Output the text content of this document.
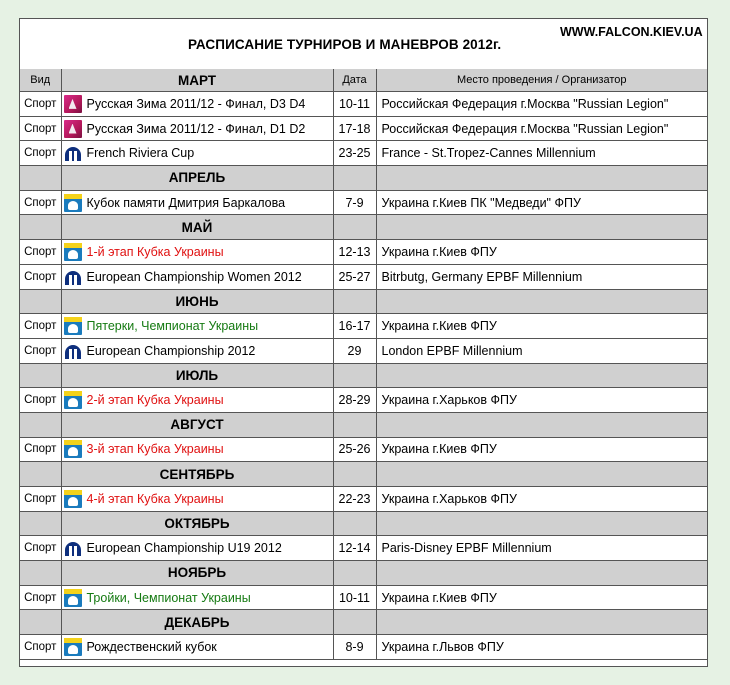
РАСПИСАНИЕ ТУРНИРОВ И МАНЕВРОВ 2012г.
WWW.FALCON.KIEV.UA
Вид	МАРТ	Дата	Место проведения / Организатор
Спорт	Русская Зима 2011/12 - Финал, D3 D4	10-11	Российская Федерация г.Москва "Russian Legion"
Спорт	Русская Зима 2011/12 - Финал, D1 D2	17-18	Российская Федерация г.Москва "Russian Legion"
Спорт	French Riviera Cup	23-25	France - St.Tropez-Cannes Millennium
	АПРЕЛЬ		
Спорт	Кубок памяти Дмитрия Баркалова	7-9	Украина г.Киев ПК "Медведи" ФПУ
	МАЙ		
Спорт	1-й этап Кубка Украины	12-13	Украина г.Киев ФПУ
Спорт	European Championship Women 2012	25-27	Bitrbutg, Germany EPBF Millennium
	ИЮНЬ		
Спорт	Пятерки, Чемпионат Украины	16-17	Украина г.Киев ФПУ
Спорт	European Championship 2012	29	London EPBF Millennium
	ИЮЛЬ		
Спорт	2-й этап Кубка Украины	28-29	Украина г.Харьков ФПУ
	АВГУСТ		
Спорт	3-й этап Кубка Украины	25-26	Украина г.Киев ФПУ
	СЕНТЯБРЬ		
Спорт	4-й этап Кубка Украины	22-23	Украина г.Харьков ФПУ
	ОКТЯБРЬ		
Спорт	European Championship U19 2012	12-14	Paris-Disney EPBF Millennium
	НОЯБРЬ		
Спорт	Тройки, Чемпионат Украины	10-11	Украина г.Киев ФПУ
	ДЕКАБРЬ		
Спорт	Рождественский кубок	8-9	Украина г.Львов ФПУ
